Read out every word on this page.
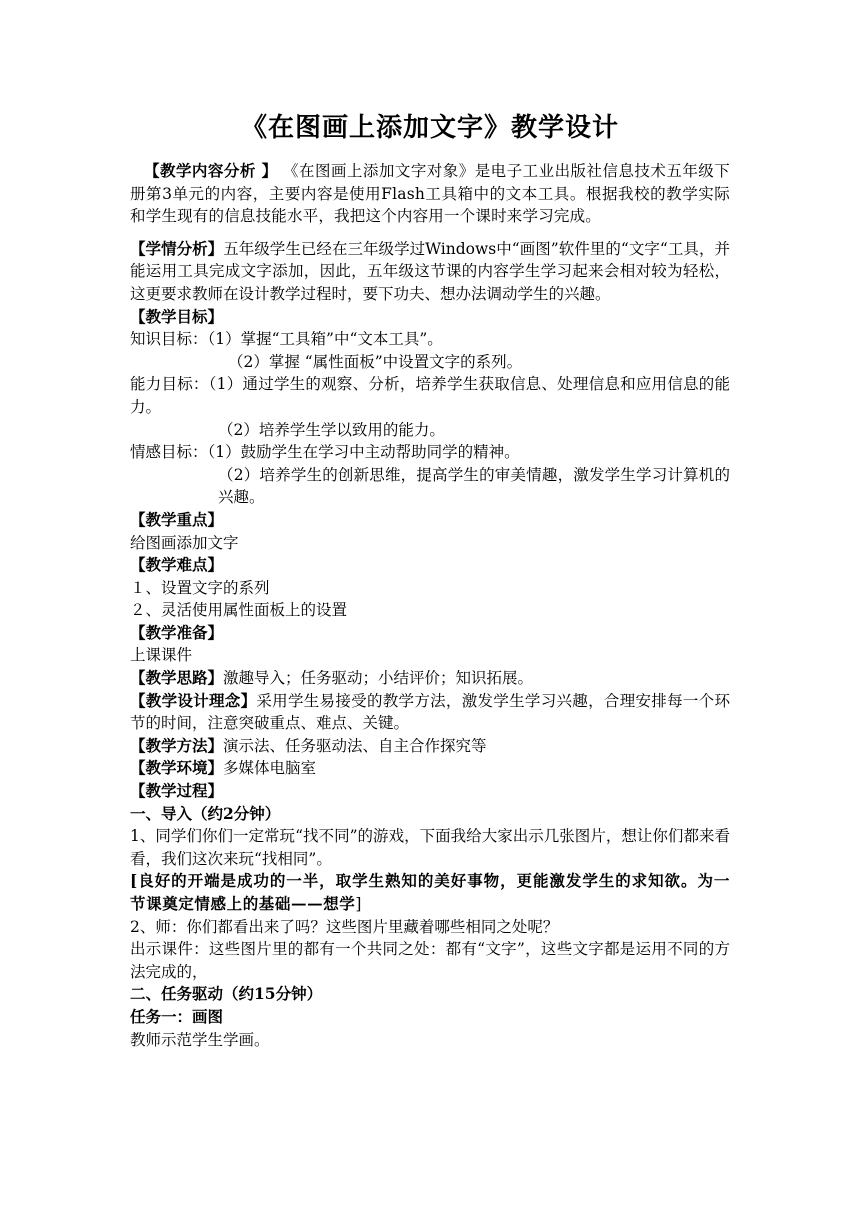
《在图画上添加文字》教学设计

【教学内容分析 】 《在图画上添加文字对象》是电子工业出版社信息技术五年级下册第3单元的内容，主要内容是使用Flash工具箱中的文本工具。根据我校的教学实际和学生现有的信息技能水平，我把这个内容用一个课时来学习完成。

【学情分析】五年级学生已经在三年级学过Windows中“画图”软件里的“文字“工具，并能运用工具完成文字添加，因此，五年级这节课的内容学生学习起来会相对较为轻松，这更要求教师在设计教学过程时，要下功夫、想办法调动学生的兴趣。

【教学目标】

知识目标：（1）掌握“工具箱”中“文本工具”。

（2）掌握 “属性面板”中设置文字的系列。

能力目标：（1）通过学生的观察、分析，培养学生获取信息、处理信息和应用信息的能力。

（2）培养学生学以致用的能力。

情感目标：（1）鼓励学生在学习中主动帮助同学的精神。

（2）培养学生的创新思维，提高学生的审美情趣，激发学生学习计算机的兴趣。

【教学重点】

给图画添加文字

【教学难点】

１、设置文字的系列

２、灵活使用属性面板上的设置

【教学准备】

上课课件

【教学思路】激趣导入；任务驱动；小结评价；知识拓展。

【教学设计理念】采用学生易接受的教学方法，激发学生学习兴趣，合理安排每一个环节的时间，注意突破重点、难点、关键。

【教学方法】演示法、任务驱动法、自主合作探究等

【教学环境】多媒体电脑室

【教学过程】

一、导入（约2分钟）

1、同学们你们一定常玩“找不同”的游戏，下面我给大家出示几张图片，想让你们都来看看，我们这次来玩“找相同”。

[良好的开端是成功的一半，取学生熟知的美好事物，更能激发学生的求知欲。为一节课奠定情感上的基础——想学]

2、师：你们都看出来了吗？这些图片里藏着哪些相同之处呢？

出示课件：这些图片里的都有一个共同之处：都有“文字”，这些文字都是运用不同的方法完成的，

二、任务驱动（约15分钟）

任务一：画图

教师示范学生学画。
